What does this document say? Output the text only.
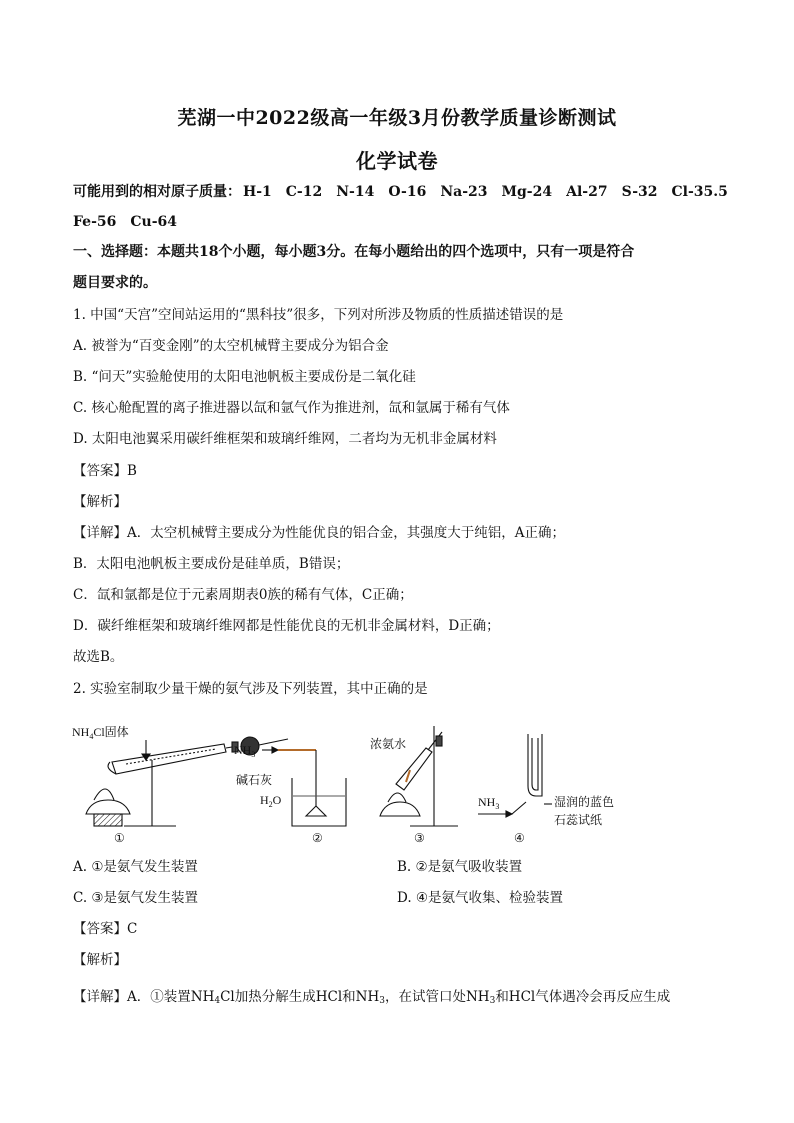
芜湖一中2022级高一年级3月份教学质量诊断测试
化学试卷
可能用到的相对原子质量： H-1 C-12 N-14 O-16 Na-23 Mg-24 Al-27 S-32 Cl-35.5
Fe-56 Cu-64
一、选择题：本题共18个小题，每小题3分。在每小题给出的四个选项中，只有一项是符合
题目要求的。
1. 中国“天宫”空间站运用的“黑科技”很多，下列对所涉及物质的性质描述错误的是
A. 被誉为“百变金刚”的太空机械臂主要成分为铝合金
B. “问天”实验舱使用的太阳电池帆板主要成份是二氧化硅
C. 核心舱配置的离子推进器以氙和氩气作为推进剂，氙和氩属于稀有气体
D. 太阳电池翼采用碳纤维框架和玻璃纤维网，二者均为无机非金属材料
【答案】B
【解析】
【详解】A．太空机械臂主要成分为性能优良的铝合金，其强度大于纯铝，A正确；
B．太阳电池帆板主要成份是硅单质，B错误；
C．氙和氩都是位于元素周期表0族的稀有气体，C正确；
D．碳纤维框架和玻璃纤维网都是性能优良的无机非金属材料，D正确；
故选B。
2. 实验室制取少量干燥的氨气涉及下列装置，其中正确的是
$NH_4Cl$固体
碱石灰
①
$NH_3$
$H_2O$
②
浓氨水
③
$NH_3$	湿润的蓝色
石蕊试纸
④
A. ①是氨气发生装置	B. ②是氨气吸收装置
C. ③是氨气发生装置	D. ④是氨气收集、检验装置
【答案】C
【解析】
【详解】A．①装置$NH_4Cl$加热分解生成HCl和$NH_3$，在试管口处$NH_3$和HCl气体遇冷会再反应生成
